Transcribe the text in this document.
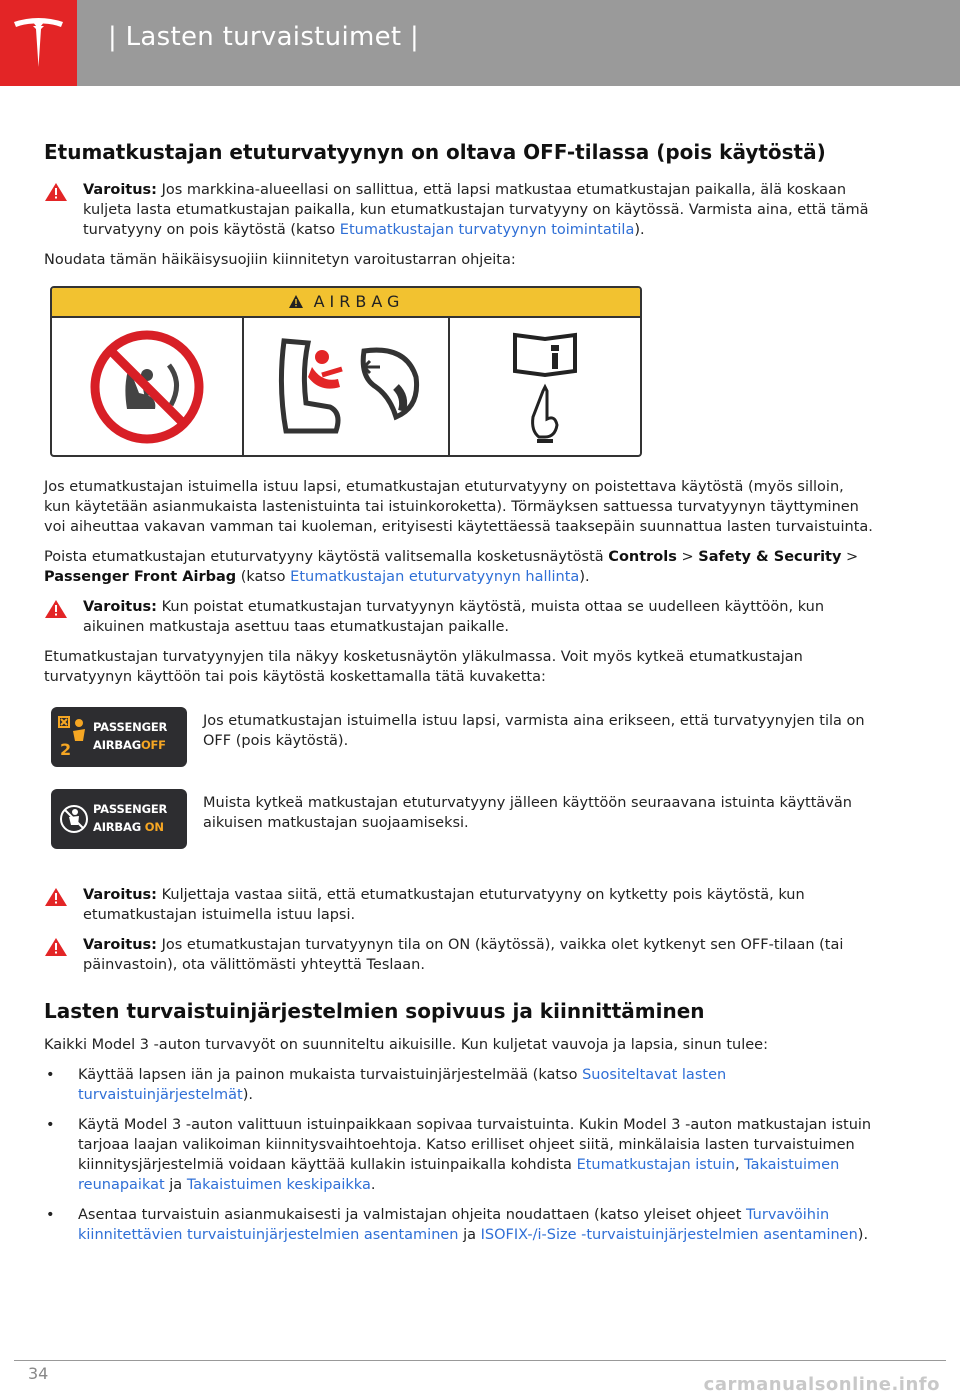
| Lasten turvaistuimet |
Etumatkustajan etuturvatyynyn on oltava OFF-tilassa (pois käytöstä)
Varoitus: Jos markkina-alueellasi on sallittua, että lapsi matkustaa etumatkustajan paikalla, älä koskaan kuljeta lasta etumatkustajan paikalla, kun etumatkustajan turvatyyny on käytössä. Varmista aina, että tämä turvatyyny on pois käytöstä (katso Etumatkustajan turvatyynyn toimintatila).

Noudata tämän häikäisysuojiin kiinnitetyn varoitustarran ohjeita:

AIRBAG

Jos etumatkustajan istuimella istuu lapsi, etumatkustajan etuturvatyyny on poistettava käytöstä (myös silloin, kun käytetään asianmukaista lastenistuinta tai istuinkoroketta). Törmäyksen sattuessa turvatyynyn täyttyminen voi aiheuttaa vakavan vamman tai kuoleman, erityisesti käytettäessä taaksepäin suunnattua lasten turvaistuinta.

Poista etumatkustajan etuturvatyyny käytöstä valitsemalla kosketusnäytöstä Controls > Safety & Security > Passenger Front Airbag (katso Etumatkustajan etuturvatyynyn hallinta).

Varoitus: Kun poistat etumatkustajan turvatyynyn käytöstä, muista ottaa se uudelleen käyttöön, kun aikuinen matkustaja asettuu taas etumatkustajan paikalle.

Etumatkustajan turvatyynyjen tila näkyy kosketusnäytön yläkulmassa. Voit myös kytkeä etumatkustajan turvatyynyn käyttöön tai pois käytöstä koskettamalla tätä kuvaketta:

2
PASSENGER
AIRBAGOFF
Jos etumatkustajan istuimella istuu lapsi, varmista aina erikseen, että turvatyynyjen tila on OFF (pois käytöstä).
PASSENGER
AIRBAG ON
Muista kytkeä matkustajan etuturvatyyny jälleen käyttöön seuraavana istuinta käyttävän aikuisen matkustajan suojaamiseksi.
Varoitus: Kuljettaja vastaa siitä, että etumatkustajan etuturvatyyny on kytketty pois käytöstä, kun etumatkustajan istuimella istuu lapsi.
Varoitus: Jos etumatkustajan turvatyynyn tila on ON (käytössä), vaikka olet kytkenyt sen OFF-tilaan (tai päinvastoin), ota välittömästi yhteyttä Teslaan.
Lasten turvaistuinjärjestelmien sopivuus ja kiinnittäminen

Kaikki Model 3 -auton turvavyöt on suunniteltu aikuisille. Kun kuljetat vauvoja ja lapsia, sinun tulee:

• Käyttää lapsen iän ja painon mukaista turvaistuinjärjestelmää (katso Suositeltavat lasten turvaistuinjärjestelmät).
• Käytä Model 3 -auton valittuun istuinpaikkaan sopivaa turvaistuinta. Kukin Model 3 -auton matkustajan istuin tarjoaa laajan valikoiman kiinnitysvaihtoehtoja. Katso erilliset ohjeet siitä, minkälaisia lasten turvaistuimen kiinnitysjärjestelmiä voidaan käyttää kullakin istuinpaikalla kohdista Etumatkustajan istuin, Takaistuimen reunapaikat ja Takaistuimen keskipaikka.
• Asentaa turvaistuin asianmukaisesti ja valmistajan ohjeita noudattaen (katso yleiset ohjeet Turvavöihin kiinnitettävien turvaistuinjärjestelmien asentaminen ja ISOFIX-/i-Size -turvaistuinjärjestelmien asentaminen).
34
carmanualsonline.info
